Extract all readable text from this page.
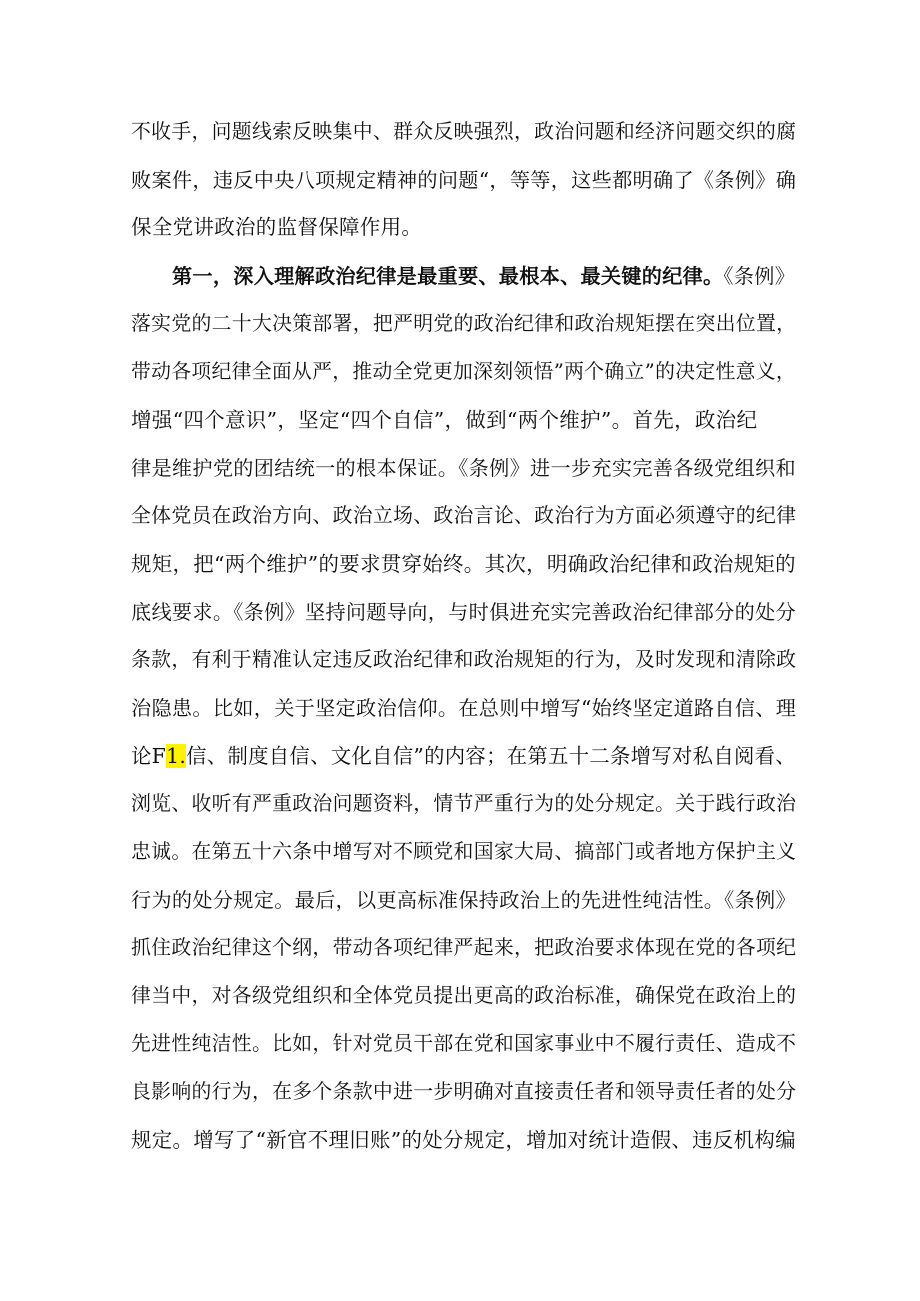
不收手，问题线索反映集中、群众反映强烈，政治问题和经济问题交织的腐
败案件，违反中央八项规定精神的问题“，等等，这些都明确了《条例》确
保全党讲政治的监督保障作用。
第一，深入理解政治纪律是最重要、最根本、最关键的纪律。《条例》
落实党的二十大决策部署，把严明党的政治纪律和政治规矩摆在突出位置，
带动各项纪律全面从严，推动全党更加深刻领悟”两个确立”的决定性意义，
增强“四个意识”，坚定“四个自信”，做到“两个维护”。首先，政治纪
律是维护党的团结统一的根本保证。《条例》进一步充实完善各级党组织和
全体党员在政治方向、政治立场、政治言论、政治行为方面必须遵守的纪律
规矩，把“两个维护”的要求贯穿始终。其次，明确政治纪律和政治规矩的
底线要求。《条例》坚持问题导向，与时俱进充实完善政治纪律部分的处分
条款，有利于精准认定违反政治纪律和政治规矩的行为，及时发现和清除政
治隐患。比如，关于坚定政治信仰。在总则中增写“始终坚定道路自信、理
论F1.信、制度自信、文化自信”的内容；在第五十二条增写对私自阅看、
浏览、收听有严重政治问题资料，情节严重行为的处分规定。关于践行政治
忠诚。在第五十六条中增写对不顾党和国家大局、搞部门或者地方保护主义
行为的处分规定。最后，以更高标准保持政治上的先进性纯洁性。《条例》
抓住政治纪律这个纲，带动各项纪律严起来，把政治要求体现在党的各项纪
律当中，对各级党组织和全体党员提出更高的政治标准，确保党在政治上的
先进性纯洁性。比如，针对党员干部在党和国家事业中不履行责任、造成不
良影响的行为，在多个条款中进一步明确对直接责任者和领导责任者的处分
规定。增写了“新官不理旧账”的处分规定，增加对统计造假、违反机构编
